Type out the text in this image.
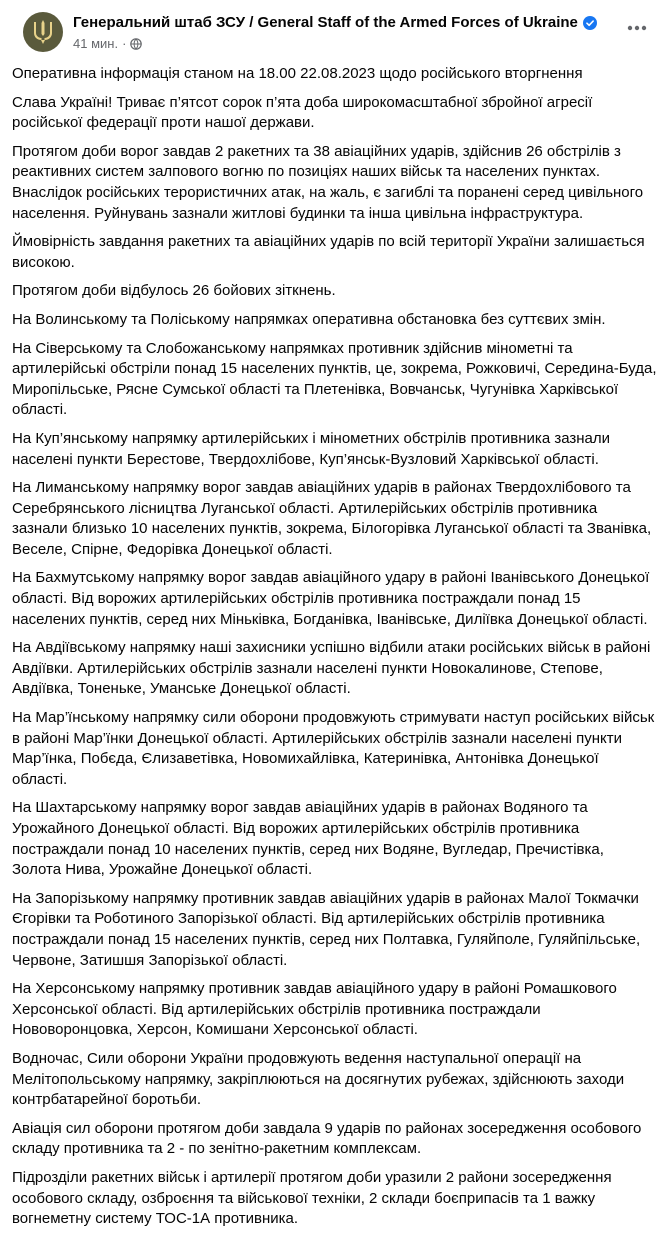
Генеральний штаб ЗСУ / General Staff of the Armed Forces of Ukraine
41 мин. ·

Оперативна інформація станом на 18.00 22.08.2023 щодо російського вторгнення

Слава Україні! Триває п’ятсот сорок п’ята доба широкомасштабної збройної агресії російської федерації проти нашої держави.

Протягом доби ворог завдав 2 ракетних та 38 авіаційних ударів, здійснив 26 обстрілів з
реактивних систем залпового вогню по позиціях наших військ та населених пунктах.
Внаслідок російських терористичних атак, на жаль, є загиблі та поранені серед цивільного населення. Руйнувань зазнали житлові будинки та інша цивільна інфраструктура.

Ймовірність завдання ракетних та авіаційних ударів по всій території України залишається високою.

Протягом доби відбулось 26 бойових зіткнень.

На Волинському та Поліському напрямках оперативна обстановка без суттєвих змін.

На Сіверському та Слобожанському напрямках противник здійснив мінометні та артилерійські обстріли понад 15 населених пунктів, це, зокрема, Рожковичі, Середина-Буда, Миропільське, Рясне Сумської області та Плетенівка, Вовчанськ, Чугунівка Харківської області.

На Куп’янському напрямку артилерійських і мінометних обстрілів противника зазнали населені пункти Берестове, Твердохлібове, Куп’янськ-Вузловий Харківської області.

На Лиманському напрямку ворог завдав авіаційних ударів в районах Твердохлібового та Серебрянського лісництва Луганської області. Артилерійських обстрілів противника зазнали близько 10 населених пунктів, зокрема, Білогорівка Луганської області та Званівка, Веселе, Спірне, Федорівка Донецької області.

На Бахмутському напрямку ворог завдав авіаційного удару в районі Іванівського Донецької області. Від ворожих артилерійських обстрілів противника постраждали понад 15 населених пунктів, серед них Міньківка, Богданівка, Іванівське, Диліївка Донецької області.

На Авдіївському напрямку наші захисники успішно відбили атаки російських військ в районі Авдіївки. Артилерійських обстрілів зазнали населені пункти Новокалинове, Степове, Авдіївка, Тоненьке, Уманське Донецької області.

На Мар’їнському напрямку сили оборони продовжують стримувати наступ російських військ в районі Мар’їнки Донецької області. Артилерійських обстрілів зазнали населені пункти Мар’їнка, Побєда, Єлизаветівка, Новомихайлівка, Катеринівка, Антонівка Донецької області.

На Шахтарському напрямку ворог завдав авіаційних ударів в районах Водяного та Урожайного Донецької області. Від ворожих артилерійських обстрілів противника постраждали понад 10 населених пунктів, серед них Водяне, Вугледар, Пречистівка, Золота Нива, Урожайне Донецької області.

На Запорізькому напрямку противник завдав авіаційних ударів в районах Малої Токмачки Єгорівки та Роботиного Запорізької області. Від артилерійських обстрілів противника постраждали понад 15 населених пунктів, серед них Полтавка, Гуляйполе, Гуляйпільське, Червоне, Затишшя Запорізької області.

На Херсонському напрямку противник завдав авіаційного удару в районі Ромашкового Херсонської області. Від артилерійських обстрілів противника постраждали Нововоронцовка, Херсон, Комишани Херсонської області.

Водночас, Сили оборони України продовжують ведення наступальної операції на Мелітопольському напрямку, закріплюються на досягнутих рубежах, здійснюють заходи контрбатарейної боротьби.

Авіація сил оборони протягом доби завдала 9 ударів по районах зосередження особового складу противника та 2 - по зенітно-ракетним комплексам.

Підрозділи ракетних військ і артилерії протягом доби уразили 2 райони зосередження особового складу, озброєння та військової техніки, 2 склади боєприпасів та 1 важку вогнеметну систему ТОС-1А противника.
